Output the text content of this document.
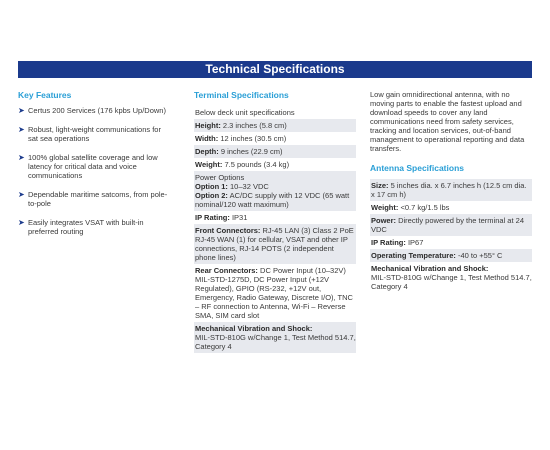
Technical Specifications
Key Features
➤ Certus 200 Services (176 kpbs Up/Down)
➤ Robust, light-weight communications for sat sea operations
➤ 100% global satellite coverage and low latency for critical data and voice communications
➤ Dependable maritime satcoms, from pole-to-pole
➤ Easily integrates VSAT with built-in preferred routing
Terminal Specifications
Below deck unit specifications
Height: 2.3 inches (5.8 cm)
Width: 12 inches (30.5 cm)
Depth: 9 inches (22.9 cm)
Weight: 7.5 pounds (3.4 kg)
Power Options
Option 1: 10–32 VDC
Option 2: AC/DC supply with 12 VDC (65 watt nominal/120 watt maximum)
IP Rating: IP31
Front Connectors: RJ-45 LAN (3) Class 2 PoE RJ-45 WAN (1) for cellular, VSAT and other IP connections, RJ-14 POTS (2 independent phone lines)
Rear Connectors: DC Power Input (10–32V) MIL-STD-1275D, DC Power Input (+12V Regulated), GPIO (RS-232, +12V out, Emergency, Radio Gateway, Discrete I/O), TNC – RF connection to Antenna, Wi-Fi – Reverse SMA, SIM card slot
Mechanical Vibration and Shock:
MIL-STD-810G w/Change 1, Test Method 514.7, Category 4
Low gain omnidirectional antenna, with no moving parts to enable the fastest upload and download speeds to cover any land communications need from safety services, tracking and location services, out-of-band management to operational reporting and data transfers.
Antenna Specifications
Size: 5 inches dia. x 6.7 inches h (12.5 cm dia. x 17 cm h)
Weight: <0.7 kg/1.5 lbs
Power: Directly powered by the terminal at 24 VDC
IP Rating: IP67
Operating Temperature: -40 to +55° C
Mechanical Vibration and Shock:
MIL-STD-810G w/Change 1, Test Method 514.7, Category 4
